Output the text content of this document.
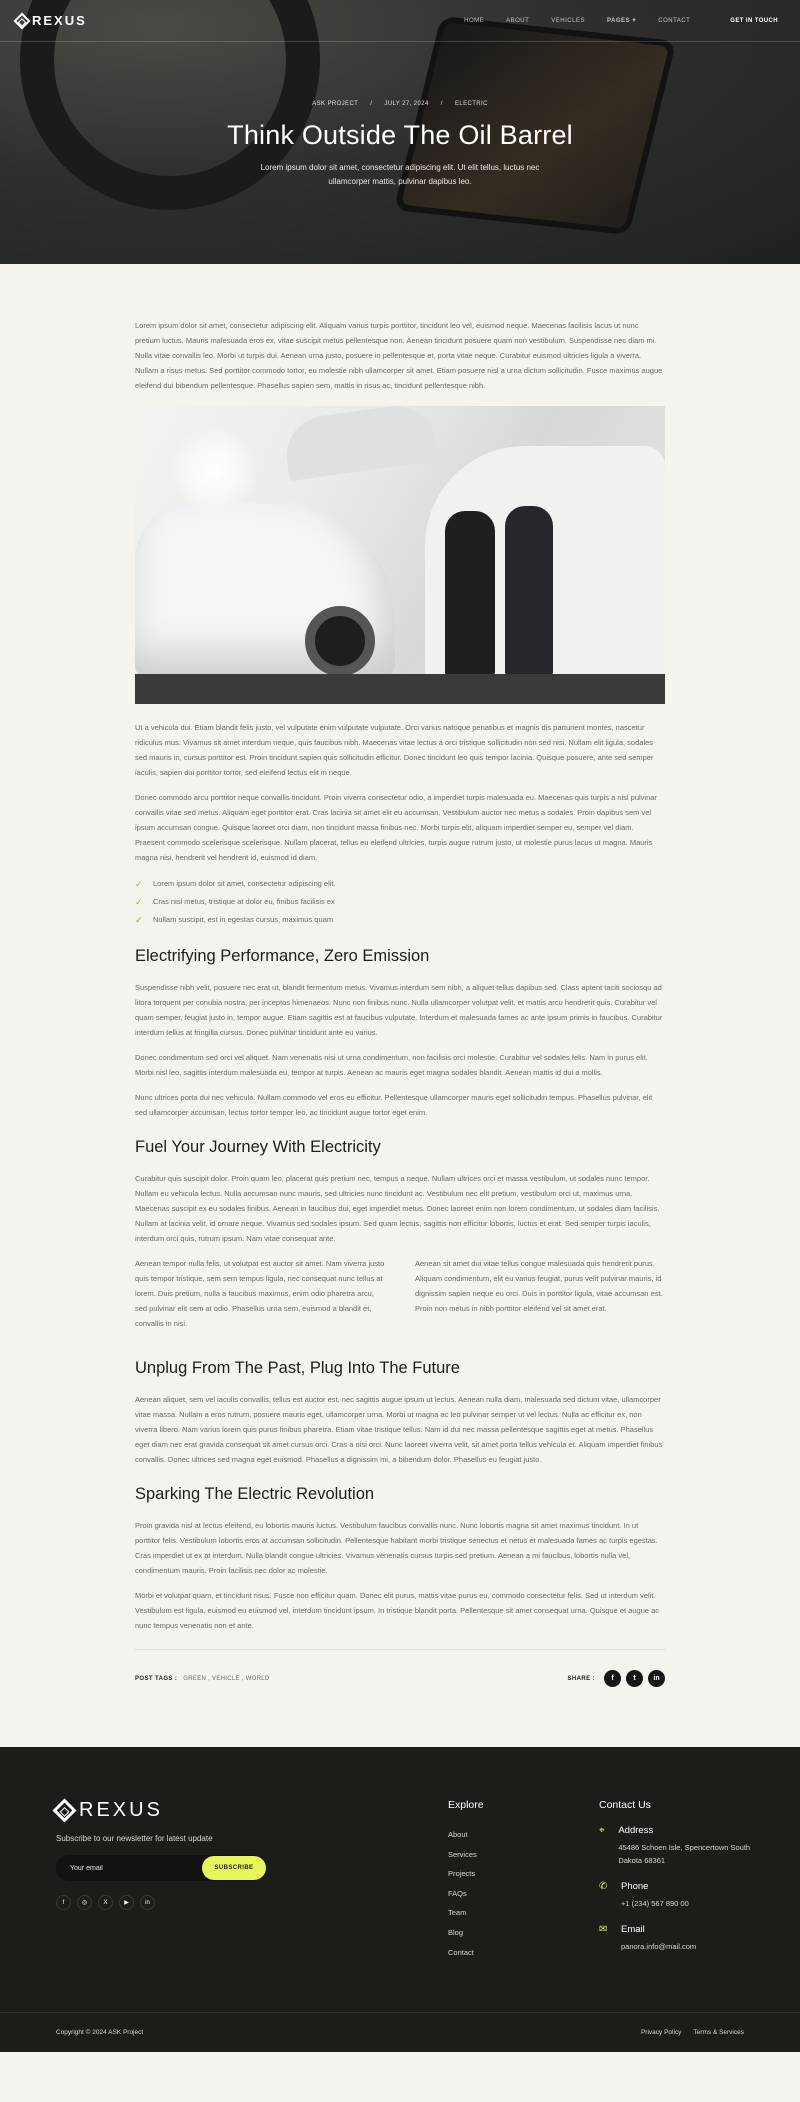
REXUS	HOME	ABOUT	VEHICLES	PAGES +	CONTACT	GET IN TOUCH
ASK PROJECT / JULY 27, 2024 / ELECTRIC
Think Outside The Oil Barrel

Lorem ipsum dolor sit amet, consectetur adipiscing elit. Ut elit tellus, luctus nec ullamcorper mattis, pulvinar dapibus leo.

Lorem ipsum dolor sit amet, consectetur adipiscing elit. Aliquam varius turpis porttitor, tincidunt leo vel, euismod neque. Maecenas facilisis lacus ut nunc pretium luctus. Mauris malesuada eros ex, vitae suscipit metus pellentesque non. Aenean tincidunt posuere quam non vestibulum. Suspendisse nec diam mi. Nulla vitae convallis leo. Morbi ut turpis dui. Aenean urna justo, posuere in pellentesque et, porta vitae neque. Curabitur euismod ultricies ligula a viverra. Nullam a risus metus. Sed porttitor commodo tortor, eu molestie nibh ullamcorper sit amet. Etiam posuere nisl a urna dictum sollicitudin. Fusce maximus augue eleifend dui bibendum pellentesque. Phasellus sapien sem, mattis in risus ac, tincidunt pellentesque nibh.

Ut a vehicula dui. Etiam blandit felis justo, vel vulputate enim vulputate vulputate. Orci varius natoque penatibus et magnis dis parturient montes, nascetur ridiculus mus. Vivamus sit amet interdum neque, quis faucibus nibh. Maecenas vitae lectus a orci tristique sollicitudin non sed nisi. Nullam elit ligula, sodales sed mauris in, cursus porttitor est. Proin tincidunt sapien quis sollicitudin efficitur. Donec tincidunt leo quis tempor lacinia. Quisque posuere, ante sed semper iaculis, sapien dui porttitor tortor, sed eleifend lectus elit in neque.

Donec commodo arcu porttitor neque convallis tincidunt. Proin viverra consectetur odio, a imperdiet turpis malesuada eu. Maecenas quis turpis a nisl pulvinar convallis vitae sed metus. Aliquam eget porttitor erat. Cras lacinia sit amet elit eu accumsan. Vestibulum auctor nec metus a sodales. Proin dapibus sem vel ipsum accumsan congue. Quisque laoreet orci diam, non tincidunt massa finibus nec. Morbi turpis elit, aliquam imperdiet semper eu, semper vel diam. Praesent commodo scelerisque scelerisque. Nullam placerat, tellus eu eleifend ultricies, turpis augue rutrum justo, ut molestie purus lacus ut magna. Mauris magna nisi, hendrerit vel hendrerit id, euismod id diam.

✓	Lorem ipsum dolor sit amet, consectetur adipiscing elit.
✓	Cras nisl metus, tristique at dolor eu, finibus facilisis ex
✓	Nullam suscipit, est in egestas cursus, maximus quam
Electrifying Performance, Zero Emission

Suspendisse nibh velit, posuere nec erat ut, blandit fermentum metus. Vivamus interdum sem nibh, a aliquet tellus dapibus sed. Class aptent taciti sociosqu ad litora torquent per conubia nostra, per inceptos himenaeos. Nunc non finibus nunc. Nulla ullamcorper volutpat velit, et mattis arcu hendrerit quis. Curabitur vel quam semper, feugiat justo in, tempor augue. Etiam sagittis est at faucibus vulputate. Interdum et malesuada fames ac ante ipsum primis in faucibus. Curabitur interdum tellus at fringilla cursus. Donec pulvinar tincidunt ante eu varius.

Donec condimentum sed orci vel aliquet. Nam venenatis nisi ut urna condimentum, non facilisis orci molestie. Curabitur vel sodales felis. Nam in purus elit. Morbi nisl leo, sagittis interdum malesuada eu, tempor at turpis. Aenean ac mauris eget magna sodales blandit. Aenean mattis id dui a mollis.

Nunc ultrices porta dui nec vehicula. Nullam commodo vel eros eu efficitur. Pellentesque ullamcorper mauris eget sollicitudin tempus. Phasellus pulvinar, elit sed ullamcorper accumsan, lectus tortor tempor leo, ac tincidunt augue tortor eget enim.

Fuel Your Journey With Electricity

Curabitur quis suscipit dolor. Proin quam leo, placerat quis pretium nec, tempus a neque. Nullam ultrices orci et massa vestibulum, ut sodales nunc tempor. Nullam eu vehicula lectus. Nulla accumsan nunc mauris, sed ultricies nunc tincidunt ac. Vestibulum nec elit pretium, vestibulum orci ut, maximus urna. Maecenas suscipit ex eu sodales finibus. Aenean in faucibus dui, eget imperdiet metus. Donec laoreet enim non lorem condimentum, ut sodales diam facilisis. Nullam at lacinia velit, id ornare neque. Vivamus sed sodales ipsum. Sed quam lectus, sagittis non efficitur lobortis, luctus et erat. Sed semper turpis iaculis, interdum orci quis, rutrum ipsum. Nam vitae consequat ante.

Aenean tempor nulla felis, ut volutpat est auctor sit amet. Nam viverra justo quis tempor tristique, sem sem tempus ligula, nec consequat nunc tellus at lorem. Duis pretium, nulla a faucibus maximus, enim odio pharetra arcu, sed pulvinar elit sem at odio. Phasellus urna sem, euismod a blandit et, convallis in nisi.

Aenean sit amet dui vitae tellus congue malesuada quis hendrerit purus. Aliquam condimentum, elit eu varius feugiat, purus velit pulvinar mauris, id dignissim sapien neque eu orci. Duis in porttitor ligula, vitae accumsan est. Proin non metus in nibh porttitor eleifend vel sit amet erat.

Unplug From The Past, Plug Into The Future

Aenean aliquet, sem vel iaculis convallis, tellus est auctor est, nec sagittis augue ipsum ut lectus. Aenean nulla diam, malesuada sed dictum vitae, ullamcorper vitae massa. Nullam a eros rutrum, posuere mauris eget, ullamcorper urna. Morbi ut magna ac leo pulvinar semper ut vel lectus. Nulla ac efficitur ex, non viverra libero. Nam varius lorem quis purus finibus pharetra. Etiam vitae tristique tellus. Nam id dui nec massa pellentesque sagittis eget at metus. Phasellus eget diam nec erat gravida consequat sit amet cursus orci. Cras a nisi orci. Nunc laoreet viverra velit, sit amet porta tellus vehicula et. Aliquam imperdiet finibus convallis. Donec ultrices sed magna eget euismod. Phasellus a dignissim mi, a bibendum dolor. Phasellus eu feugiat justo.

Sparking The Electric Revolution

Proin gravida nisl at lectus eleifend, eu lobortis mauris luctus. Vestibulum faucibus convallis nunc. Nunc lobortis magna sit amet maximus tincidunt. In ut porttitor felis. Vestibulum lobortis eros at accumsan sollicitudin. Pellentesque habitant morbi tristique senectus et netus et malesuada fames ac turpis egestas. Cras imperdiet ut ex at interdum. Nulla blandit congue ultricies. Vivamus venenatis cursus turpis sed pretium. Aenean a mi faucibus, lobortis nulla vel, condimentum mauris. Proin facilisis nec dolor ac molestie.

Morbi et volutpat quam, et tincidunt risus. Fusce non efficitur quam. Donec elit purus, mattis vitae purus eu, commodo consectetur felis. Sed ut interdum velit. Vestibulum est ligula, euismod eu euismod vel, interdum tincidunt ipsum. In tristique blandit porta. Pellentesque sit amet consequat urna. Quisque et augue ac nunc tempus venenatis non et ante.

POST TAGS : GREEN , VEHICLE , WORLD	SHARE :	f	t	in
REXUS

Subscribe to our newsletter for latest update

Your email
SUBSCRIBE
f	◎	X	▶	in
Explore
About
Services
Projects
FAQs
Team
Blog
Contact
Contact Us
⌖	Address
45486 Schoen Isle, Spencertown South Dakota 68361
✆	Phone
+1 (234) 567 890 00
✉	Email
panora.info@mail.com
Copyright © 2024 ASK Project	Privacy Policy Terms & Services
